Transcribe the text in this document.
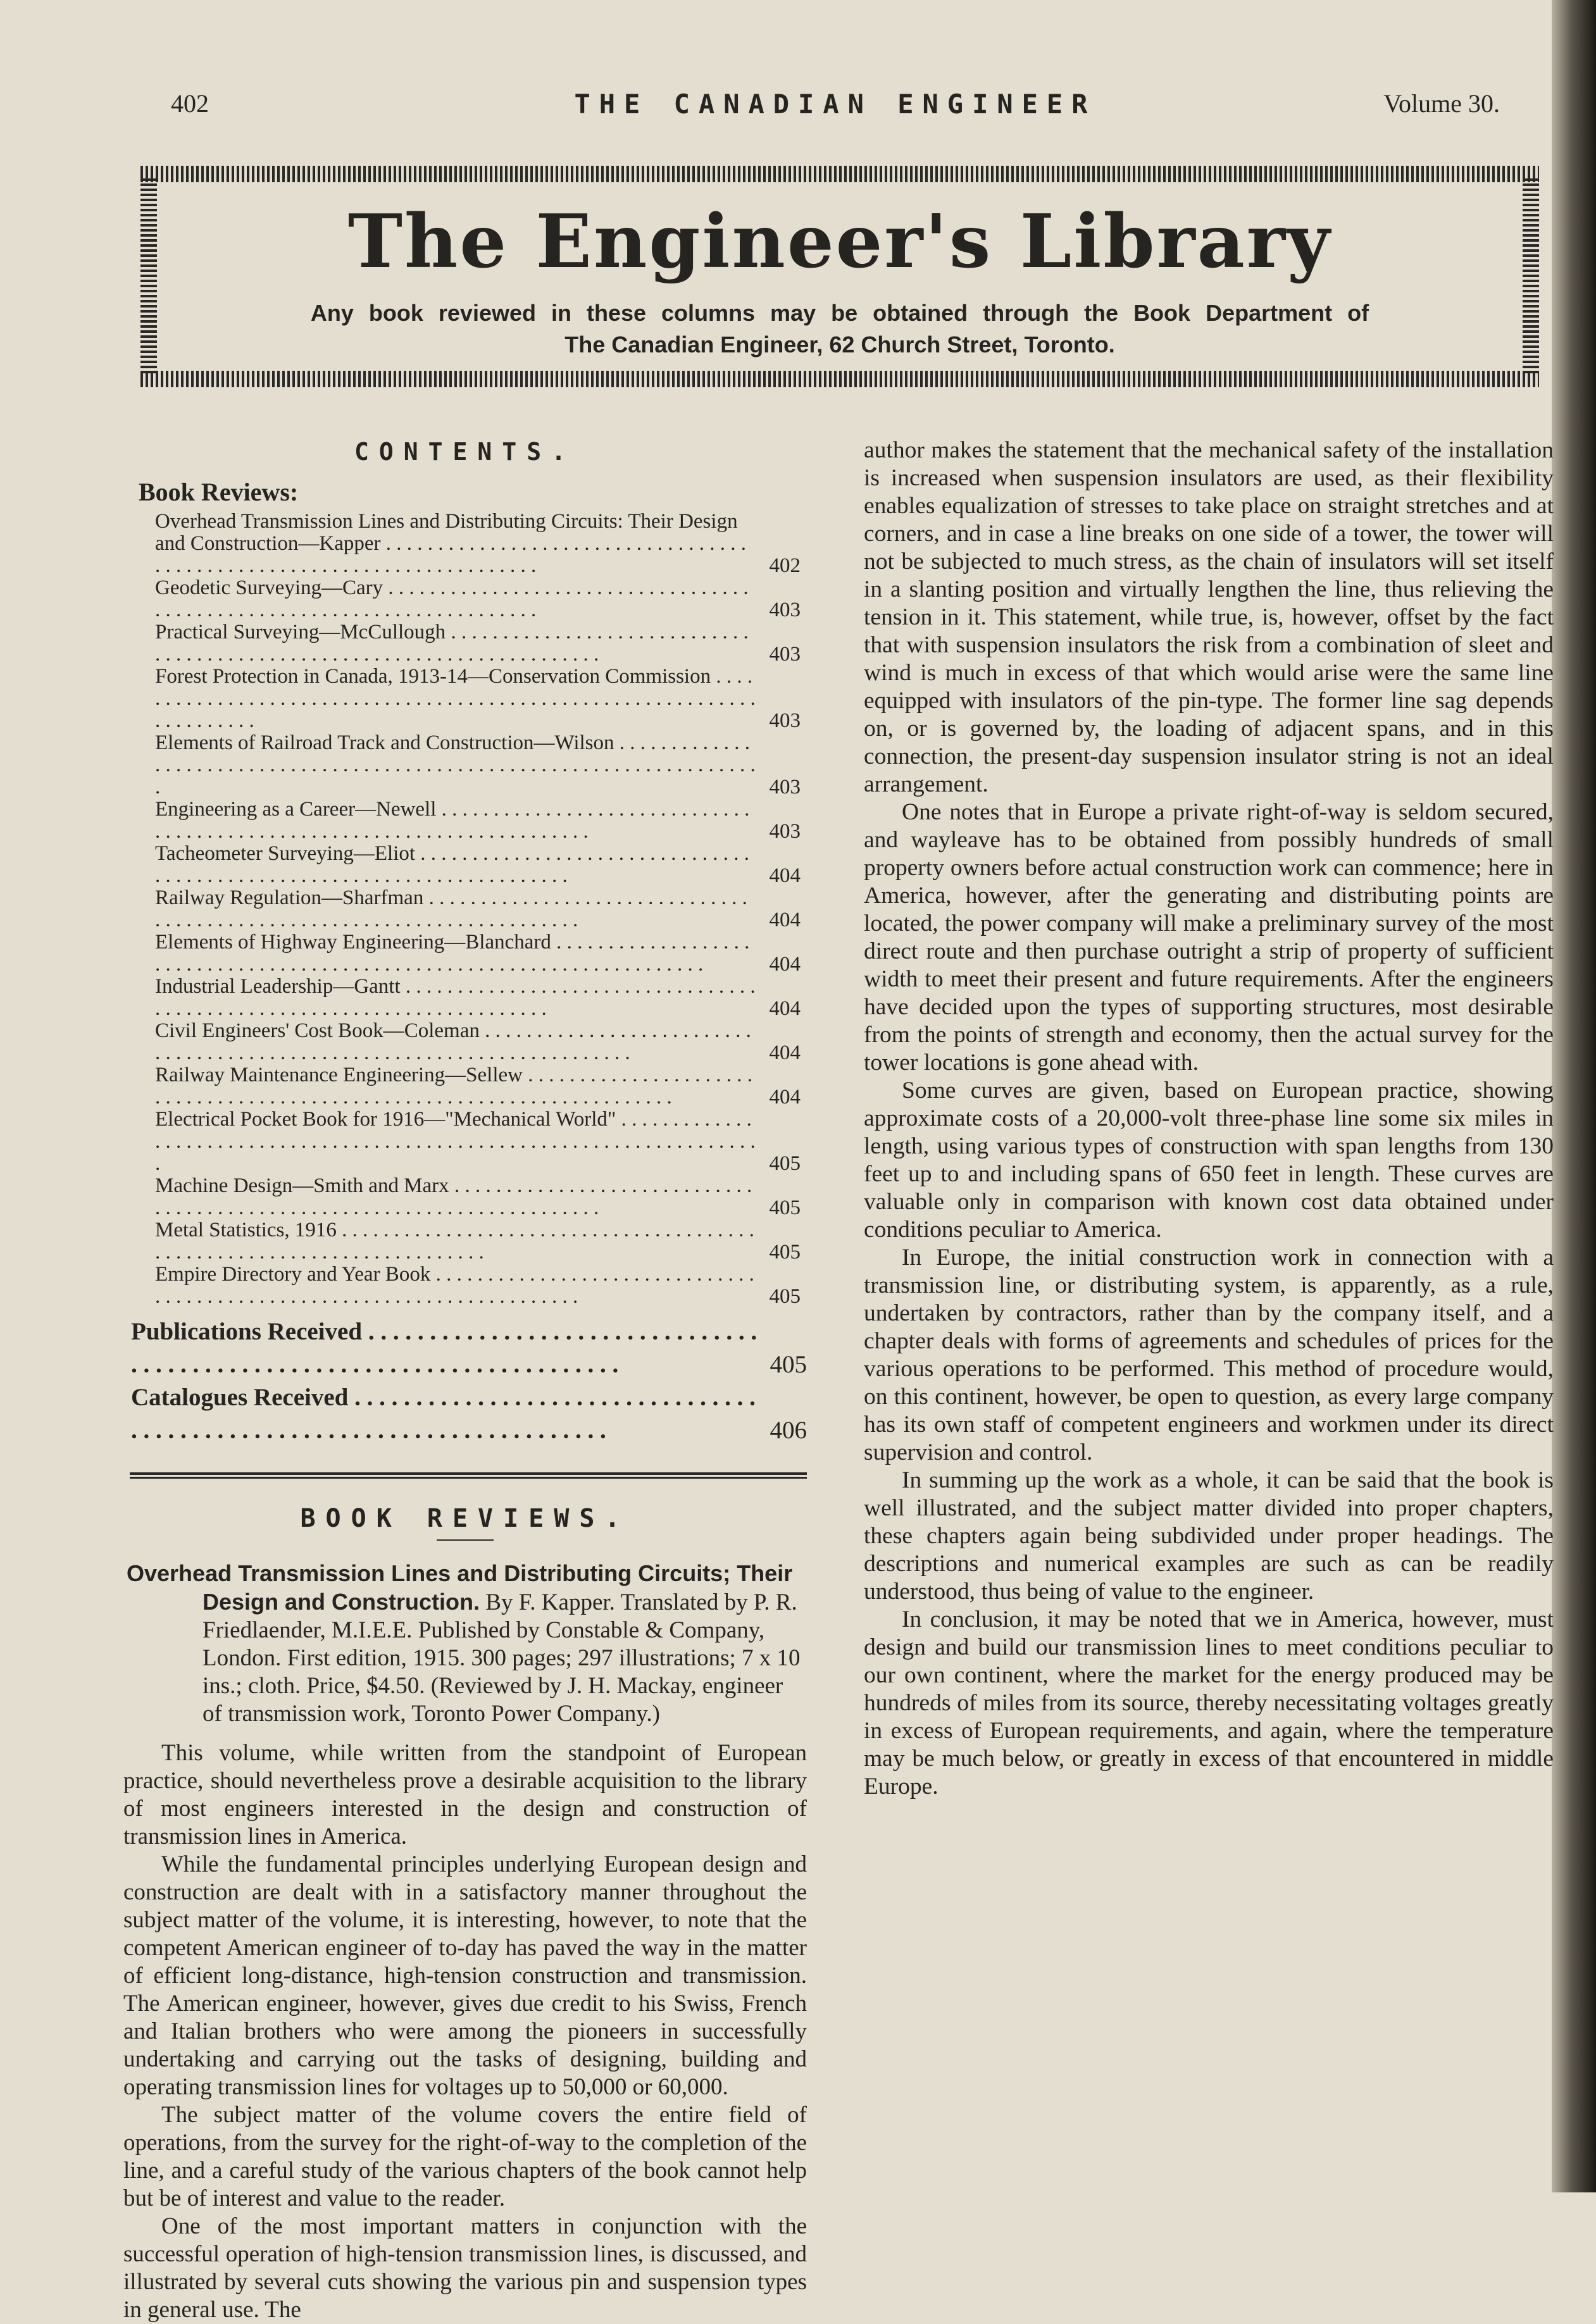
402	THE CANADIAN ENGINEER	Volume 30.
The Engineer's Library
Any book reviewed in these columns may be obtained through the Book Department of
The Canadian Engineer, 62 Church Street, Toronto.
CONTENTS.
Book Reviews:
Overhead Transmission Lines and Distributing Circuits: Their Design and Construction—Kapper . . .
402
Geodetic Surveying—Cary . . .
403
Practical Surveying—McCullough . . .
403
Forest Protection in Canada, 1913-14—Conservation Commission . . .
403
Elements of Railroad Track and Construction—Wilson . . .
403
Engineering as a Career—Newell . . .
403
Tacheometer Surveying—Eliot . . .
404
Railway Regulation—Sharfman . . .
404
Elements of Highway Engineering—Blanchard . . .
404
Industrial Leadership—Gantt . . .
404
Civil Engineers' Cost Book—Coleman . . .
404
Railway Maintenance Engineering—Sellew . . .
404
Electrical Pocket Book for 1916—"Mechanical World" . . .
405
Machine Design—Smith and Marx . . .
405
Metal Statistics, 1916 . . .
405
Empire Directory and Year Book . . .
405
Publications Received . . .
405
Catalogues Received . . .
406
BOOK REVIEWS.
Overhead Transmission Lines and Distributing Circuits; Their Design and Construction. By F. Kapper. Translated by P. R. Friedlaender, M.I.E.E. Published by Constable & Company, London. First edition, 1915. 300 pages; 297 illustrations; 7 x 10 ins.; cloth. Price, $4.50. (Reviewed by J. H. Mackay, engineer of transmission work, Toronto Power Company.)

This volume, while written from the standpoint of European practice, should nevertheless prove a desirable acquisition to the library of most engineers interested in the design and construction of transmission lines in America.

While the fundamental principles underlying European design and construction are dealt with in a satisfactory manner throughout the subject matter of the volume, it is interesting, however, to note that the competent American engineer of to-day has paved the way in the matter of efficient long-distance, high-tension construction and transmission. The American engineer, however, gives due credit to his Swiss, French and Italian brothers who were among the pioneers in successfully undertaking and carrying out the tasks of designing, building and operating transmission lines for voltages up to 50,000 or 60,000.

The subject matter of the volume covers the entire field of operations, from the survey for the right-of-way to the completion of the line, and a careful study of the various chapters of the book cannot help but be of interest and value to the reader.

One of the most important matters in conjunction with the successful operation of high-tension transmission lines, is discussed, and illustrated by several cuts showing the various pin and suspension types in general use. The

author makes the statement that the mechanical safety of the installation is increased when suspension insulators are used, as their flexibility enables equalization of stresses to take place on straight stretches and at corners, and in case a line breaks on one side of a tower, the tower will not be subjected to much stress, as the chain of insulators will set itself in a slanting position and virtually lengthen the line, thus relieving the tension in it. This statement, while true, is, however, offset by the fact that with suspension insulators the risk from a combination of sleet and wind is much in excess of that which would arise were the same line equipped with insulators of the pin-type. The former line sag depends on, or is governed by, the loading of adjacent spans, and in this connection, the present-day suspension insulator string is not an ideal arrangement.

One notes that in Europe a private right-of-way is seldom secured, and wayleave has to be obtained from possibly hundreds of small property owners before actual construction work can commence; here in America, however, after the generating and distributing points are located, the power company will make a preliminary survey of the most direct route and then purchase outright a strip of property of sufficient width to meet their present and future requirements. After the engineers have decided upon the types of supporting structures, most desirable from the points of strength and economy, then the actual survey for the tower locations is gone ahead with.

Some curves are given, based on European practice, showing approximate costs of a 20,000-volt three-phase line some six miles in length, using various types of construction with span lengths from 130 feet up to and including spans of 650 feet in length. These curves are valuable only in comparison with known cost data obtained under conditions peculiar to America.

In Europe, the initial construction work in connection with a transmission line, or distributing system, is apparently, as a rule, undertaken by contractors, rather than by the company itself, and a chapter deals with forms of agreements and schedules of prices for the various operations to be performed. This method of procedure would, on this continent, however, be open to question, as every large company has its own staff of competent engineers and workmen under its direct supervision and control.

In summing up the work as a whole, it can be said that the book is well illustrated, and the subject matter divided into proper chapters, these chapters again being subdivided under proper headings. The descriptions and numerical examples are such as can be readily understood, thus being of value to the engineer.

In conclusion, it may be noted that we in America, however, must design and build our transmission lines to meet conditions peculiar to our own continent, where the market for the energy produced may be hundreds of miles from its source, thereby necessitating voltages greatly in excess of European requirements, and again, where the temperature may be much below, or greatly in excess of that encountered in middle Europe.
